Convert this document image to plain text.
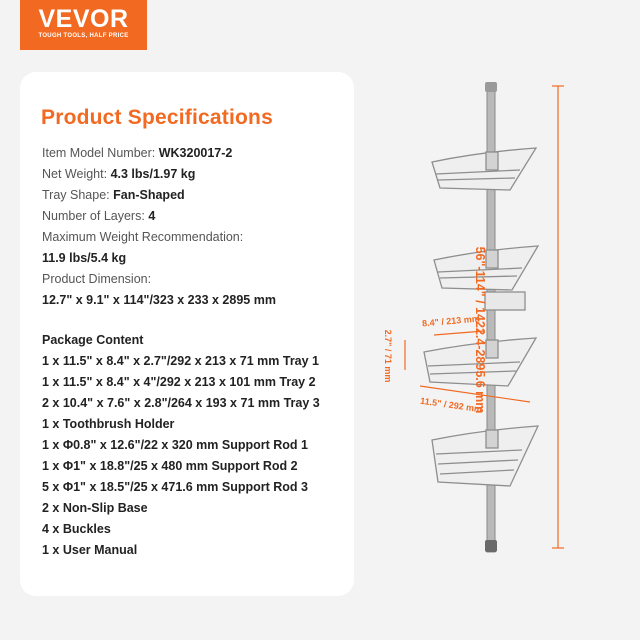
VEVOR
TOUGH TOOLS, HALF PRICE
Product Specifications
Item Model Number: WK320017-2
Net Weight: 4.3 lbs/1.97 kg
Tray Shape: Fan-Shaped
Number of Layers: 4
Maximum Weight Recommendation:
11.9 lbs/5.4 kg
Product Dimension:
12.7" x 9.1" x 114"/323 x 233 x 2895 mm
Package Content
1 x 11.5" x 8.4" x 2.7"/292 x 213 x 71 mm Tray 1
1 x 11.5" x 8.4" x 4"/292 x 213 x 101 mm Tray 2
2 x 10.4" x 7.6" x 2.8"/264 x 193 x 71 mm Tray 3
1 x Toothbrush Holder
1 x Φ0.8" x 12.6"/22 x 320 mm Support Rod 1
1 x Φ1" x 18.8"/25 x 480 mm Support Rod 2
5 x Φ1" x 18.5"/25 x 471.6 mm Support Rod 3
2 x Non-Slip Base
4 x Buckles
1 x User Manual
8.4" / 213 mm
2.7" / 71 mm
11.5" / 292 mm
56"-114" / 1422.4-2895.6 mm
